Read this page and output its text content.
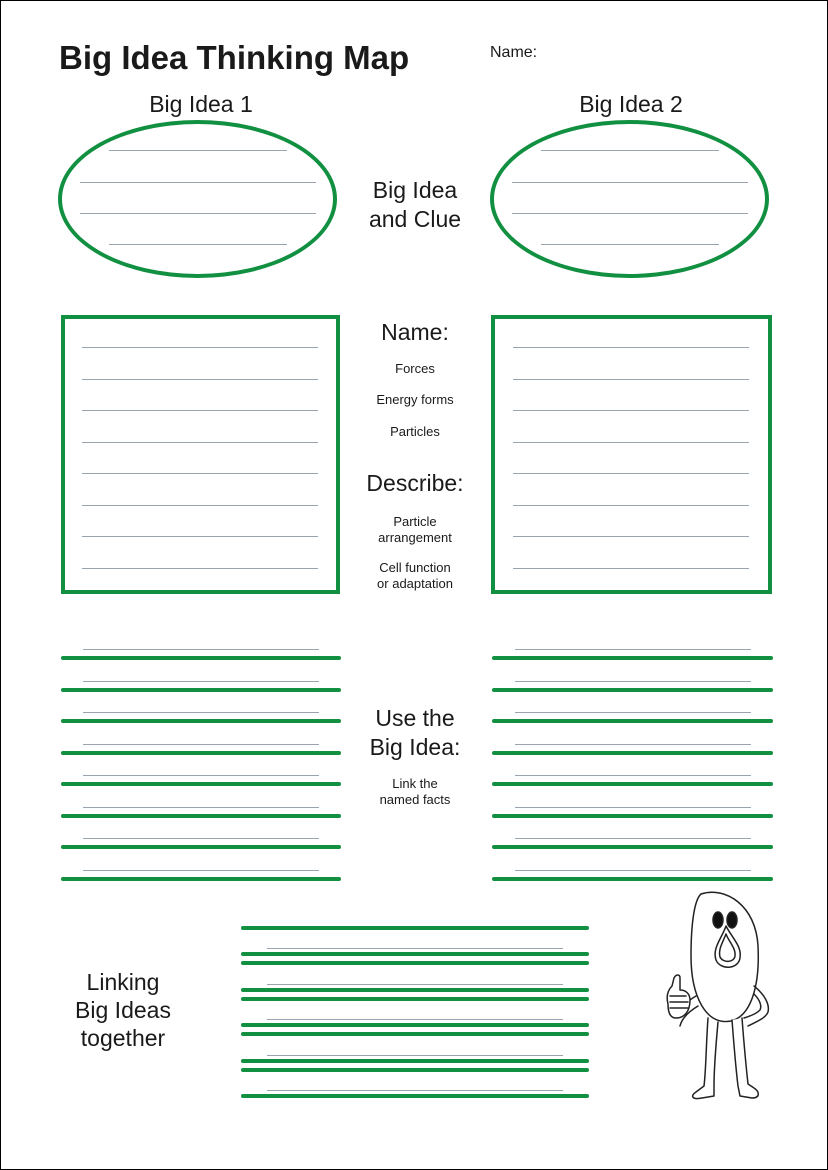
Big Idea Thinking Map	Name:
Big Idea 1	Big Idea 2
Big Idea
and Clue
Name:
Forces
Energy forms
Particles
Describe:
Particle
arrangement
Cell function
or adaptation
Use the
Big Idea:
Link the
named facts
Linking
Big Ideas
together
